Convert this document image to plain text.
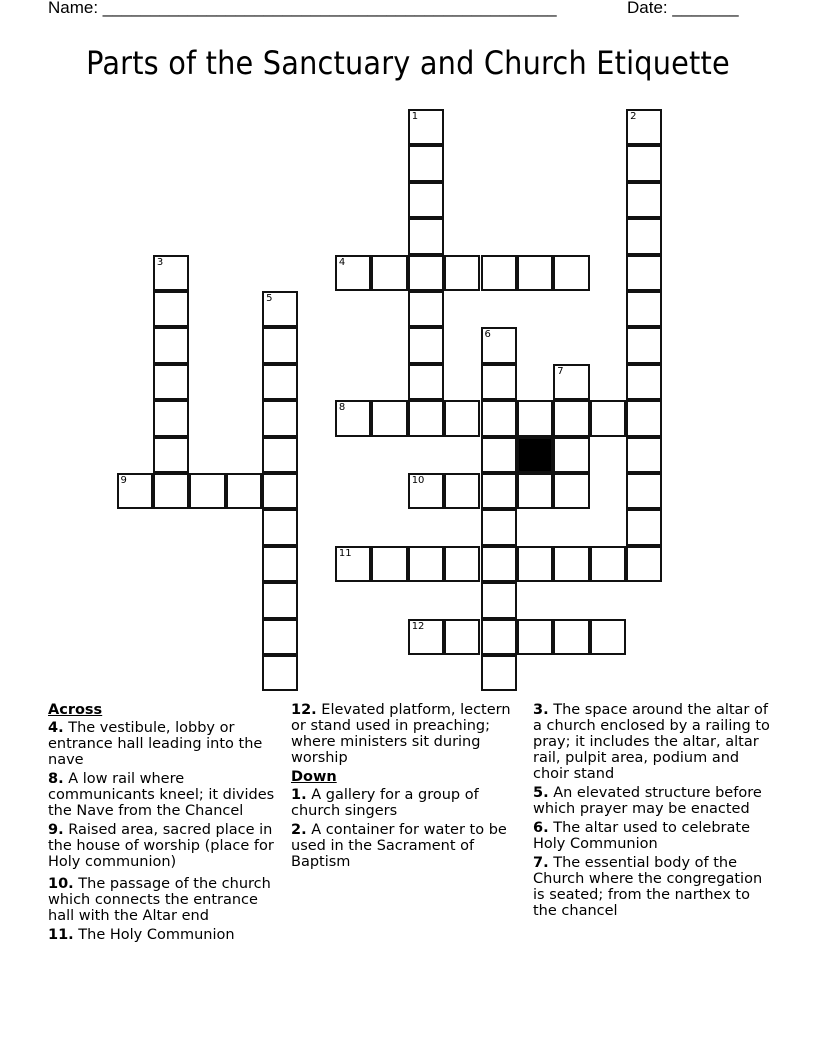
Name: ________________________________________________	Date: _______
Parts of the Sanctuary and Church Etiquette
1	2
3	4
5
6
7
8
9	10
11
12
Across
4. The vestibule, lobby or entrance hall leading into the nave
8. A low rail where communicants kneel; it divides the Nave from the Chancel
9. Raised area, sacred place in the house of worship (place for Holy communion)
10. The passage of the church which connects the entrance hall with the Altar end
11. The Holy Communion
12. Elevated platform, lectern or stand used in preaching; where ministers sit during worship
Down
1. A gallery for a group of church singers
2. A container for water to be used in the Sacrament of Baptism
3. The space around the altar of a church enclosed by a railing to pray; it includes the altar, altar rail, pulpit area, podium and choir stand
5. An elevated structure before which prayer may be enacted
6. The altar used to celebrate Holy Communion
7. The essential body of the Church where the congregation is seated; from the narthex to the chancel
